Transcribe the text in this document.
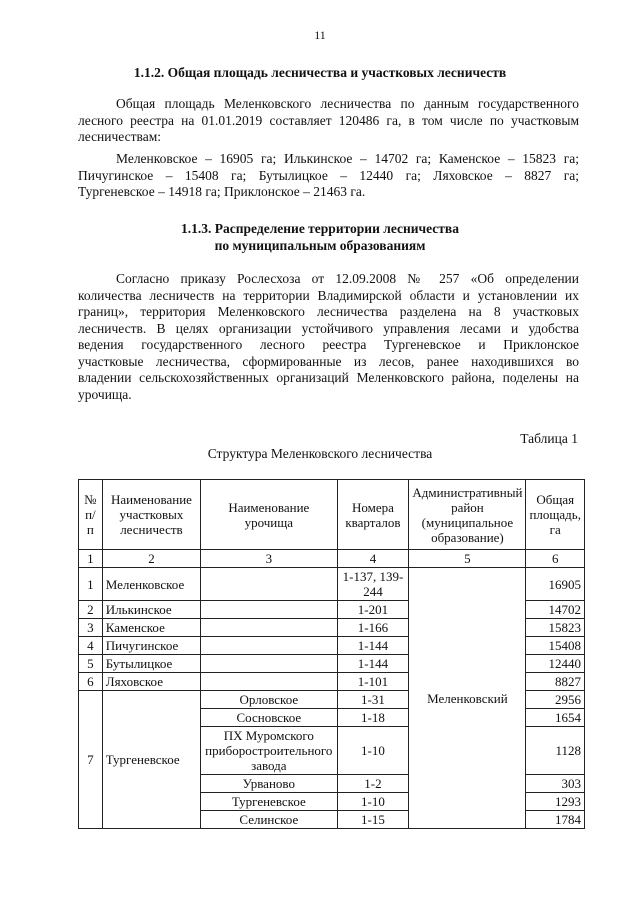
11
1.1.2. Общая площадь лесничества и участковых лесничеств

Общая площадь Меленковского лесничества по данным государственного
лесного реестра на 01.01.2019 составляет 120486 га, в том числе по участковым
лесничествам:

Меленковское – 16905 га; Илькинское – 14702 га; Каменское – 15823 га;
Пичугинское – 15408 га; Бутылицкое – 12440 га; Ляховское – 8827 га;
Тургеневское – 14918 га; Приклонское – 21463 га.

1.1.3. Распределение территории лесничества
по муниципальным образованиям

Согласно приказу Рослесхоза от 12.09.2008 № 257 «Об определении
количества лесничеств на территории Владимирской области и установлении их
границ», территория Меленковского лесничества разделена на 8 участковых
лесничеств. В целях организации устойчивого управления лесами и удобства
ведения государственного лесного реестра Тургеневское и Приклонское
участковые лесничества, сформированные из лесов, ранее находившихся во
владении сельскохозяйственных организаций Меленковского района, поделены на
урочища.

Таблица 1
Структура Меленковского лесничества
№ п/п	Наименование участковых лесничеств	Наименование урочища	Номера кварталов	Административный район (муниципальное образование)	Общая площадь, га
1	2	3	4	5	6
1	Меленковское		1-137, 139-244	Меленковский	16905
2	Илькинское		1-201		14702
3	Каменское		1-166		15823
4	Пичугинское		1-144		15408
5	Бутылицкое		1-144		12440
6	Ляховское		1-101		8827
7	Тургеневское	Орловское	1-31		2956
		Сосновское	1-18		1654
		ПХ Муромского приборостроительного завода	1-10		1128
		Урваново	1-2		303
		Тургеневское	1-10		1293
		Селинское	1-15		1784
